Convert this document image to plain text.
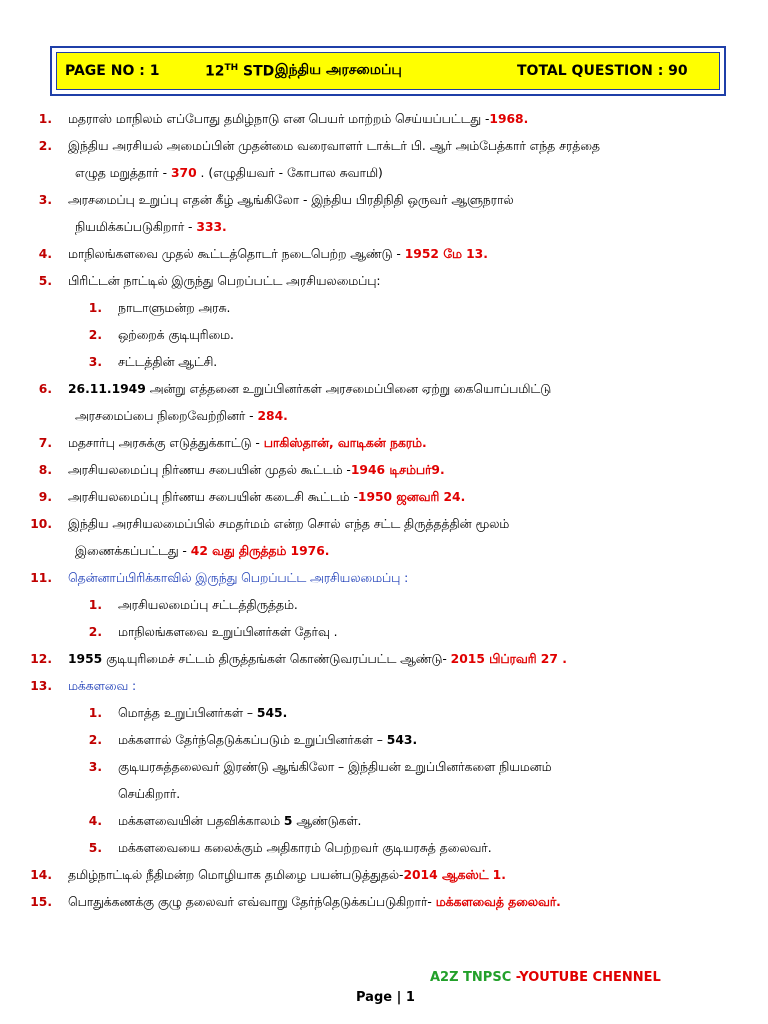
PAGE NO : 1	12TH STD இந்திய அரசமைப்பு	TOTAL QUESTION : 90
1.	மதராஸ் மாநிலம் எப்போது தமிழ்நாடு என பெயர் மாற்றம் செய்யப்பட்டது -1968.
2.	இந்திய அரசியல் அமைப்பின் முதன்மை வரைவாளர் டாக்டர் பி. ஆர் அம்பேத்கார் எந்த சரத்தை
எழுத மறுத்தார் - 370 . (எழுதியவர் - கோபால சுவாமி)
3.	அரசமைப்பு உறுப்பு எதன் கீழ் ஆங்கிலோ - இந்திய பிரதிநிதி ஒருவர் ஆளுநரால்
நியமிக்கப்படுகிறார் - 333.
4.	மாநிலங்களவை முதல் கூட்டத்தொடர் நடைபெற்ற ஆண்டு - 1952 மே 13.
5.	பிரிட்டன் நாட்டில் இருந்து பெறப்பட்ட அரசியலமைப்பு:
1.	நாடாளுமன்ற அரசு.
2.	ஒற்றைக் குடியுரிமை.
3.	சட்டத்தின் ஆட்சி.
6.	26.11.1949 அன்று எத்தனை உறுப்பினர்கள் அரசமைப்பினை ஏற்று கையொப்பமிட்டு
அரசமைப்பை நிறைவேற்றினர் - 284.
7.	மதசார்பு அரசுக்கு எடுத்துக்காட்டு - பாகிஸ்தான், வாடிகன் நகரம்.
8.	அரசியலமைப்பு நிர்ணய சபையின் முதல் கூட்டம் -1946 டிசம்பர்9.
9.	அரசியலமைப்பு நிர்ணய சபையின் கடைசி கூட்டம் -1950 ஜனவரி 24.
10.	இந்திய அரசியலமைப்பில் சமதர்மம் என்ற சொல் எந்த சட்ட திருத்தத்தின் மூலம்
இணைக்கப்பட்டது - 42 வது திருத்தம் 1976.
11.	தென்னாப்பிரிக்காவில் இருந்து பெறப்பட்ட அரசியலமைப்பு :
1.	அரசியலமைப்பு சட்டத்திருத்தம்.
2.	மாநிலங்களவை உறுப்பினர்கள் தேர்வு .
12.	1955 குடியுரிமைச் சட்டம் திருத்தங்கள் கொண்டுவரப்பட்ட ஆண்டு- 2015 பிப்ரவரி 27 .
13.	மக்களவை :
1.	மொத்த உறுப்பினர்கள் – 545.
2.	மக்களால் தேர்ந்தெடுக்கப்படும் உறுப்பினர்கள் – 543.
3.	குடியரசுத்தலைவர் இரண்டு ஆங்கிலோ – இந்தியன் உறுப்பினர்களை நியமனம்
செய்கிறார்.
4.	மக்களவையின் பதவிக்காலம் 5 ஆண்டுகள்.
5.	மக்களவையை கலைக்கும் அதிகாரம் பெற்றவர் குடியரசுத் தலைவர்.
14.	தமிழ்நாட்டில் நீதிமன்ற மொழியாக தமிழை பயன்படுத்துதல்-2014 ஆகஸ்ட் 1.
15.	பொதுக்கணக்கு குழு தலைவர் எவ்வாறு தேர்ந்தெடுக்கப்படுகிறார்- மக்களவைத் தலைவர்.
A2Z TNPSC -YOUTUBE CHENNEL
Page | 1
